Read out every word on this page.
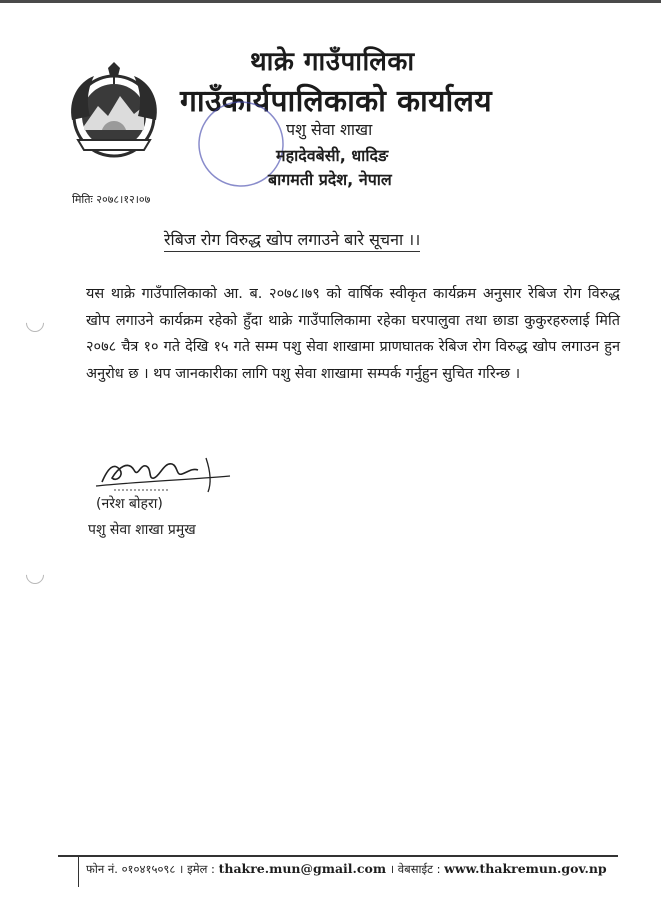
थाक्रे गाउँपालिका
गाउँकार्यपालिकाको कार्यालय
पशु सेवा शाखा
महादेवबेसी, धादिङ
बागमती प्रदेश, नेपाल
मितिः २०७८।१२।०७
रेबिज रोग विरुद्ध खोप लगाउने बारे सूचना ।।
यस थाक्रे गाउँपालिकाको आ. ब. २०७८।७९ को वार्षिक स्वीकृत कार्यक्रम अनुसार रेबिज रोग विरुद्ध खोप लगाउने कार्यक्रम रहेको हुँदा थाक्रे गाउँपालिकामा रहेका घरपालुवा तथा छाडा कुकुरहरुलाई मिति २०७८ चैत्र १० गते देखि १५ गते सम्म पशु सेवा शाखामा प्राणघातक रेबिज रोग विरुद्ध खोप लगाउन हुन अनुरोध छ । थप जानकारीका लागि पशु सेवा शाखामा सम्पर्क गर्नुहुन सुचित गरिन्छ ।
(नरेश बोहरा)
पशु सेवा शाखा प्रमुख
फोन नं. ०१०४१५०९८ । इमेल : thakre.mun@gmail.com । वेबसाईट : www.thakremun.gov.np
